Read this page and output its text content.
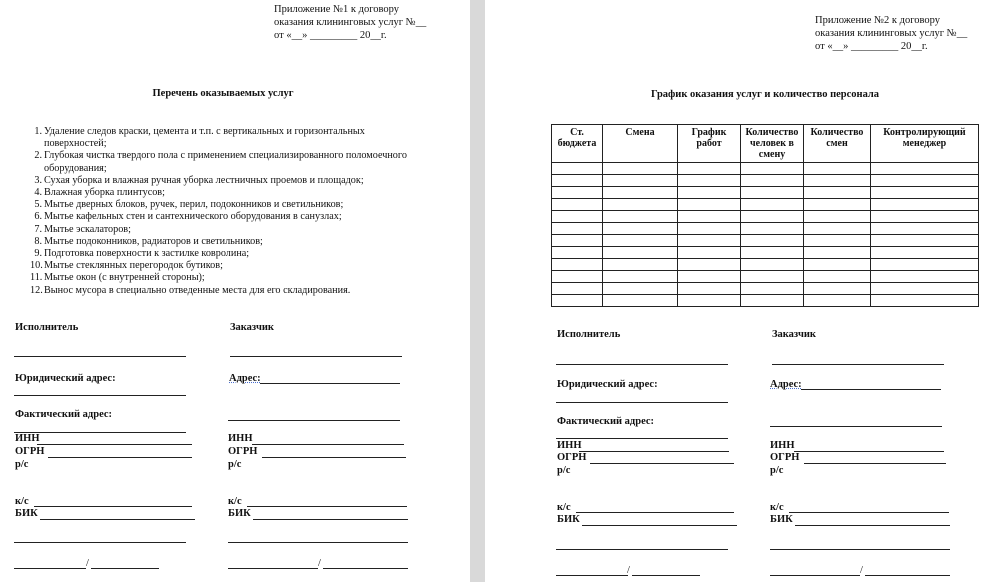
Приложение №1 к договору
оказания клининговых услуг №__
от «__» _________ 20__г.
Перечень оказываемых услуг
1. Удаление следов краски, цемента и т.п. с вертикальных и горизонтальных
поверхностей;
2. Глубокая чистка твердого пола с применением специализированного поломоечного
оборудования;
3. Сухая уборка и влажная ручная уборка лестничных проемов и площадок;
4. Влажная уборка плинтусов;
5. Мытье дверных блоков, ручек, перил, подоконников и светильников;
6. Мытье кафельных стен и сантехнического оборудования в санузлах;
7. Мытье эскалаторов;
8. Мытье подоконников, радиаторов и светильников;
9. Подготовка поверхности к застилке ковролина;
10. Мытье стеклянных перегородок бутиков;
11. Мытье окон (с внутренней стороны);
12. Вынос мусора в специально отведенные места для его складирования.
Исполнитель	Заказчик
Юридический адрес:	Адрес:
Фактический адрес:
ИНН	ИНН
ОГРН	ОГРН
р/с	р/с
к/с	к/с
БИК	БИК
/	/
Приложение №2 к договору
оказания клининговых услуг №__
от «__» _________ 20__г.
График оказания услуг и количество персонала
Ст. бюджета	Смена	График работ	Количество человек в смену	Количество смен	Контролирующий менеджер

Исполнитель	Заказчик
Юридический адрес:	Адрес:
Фактический адрес:
ИНН	ИНН
ОГРН	ОГРН
р/с	р/с
к/с	к/с
БИК	БИК
/	/
